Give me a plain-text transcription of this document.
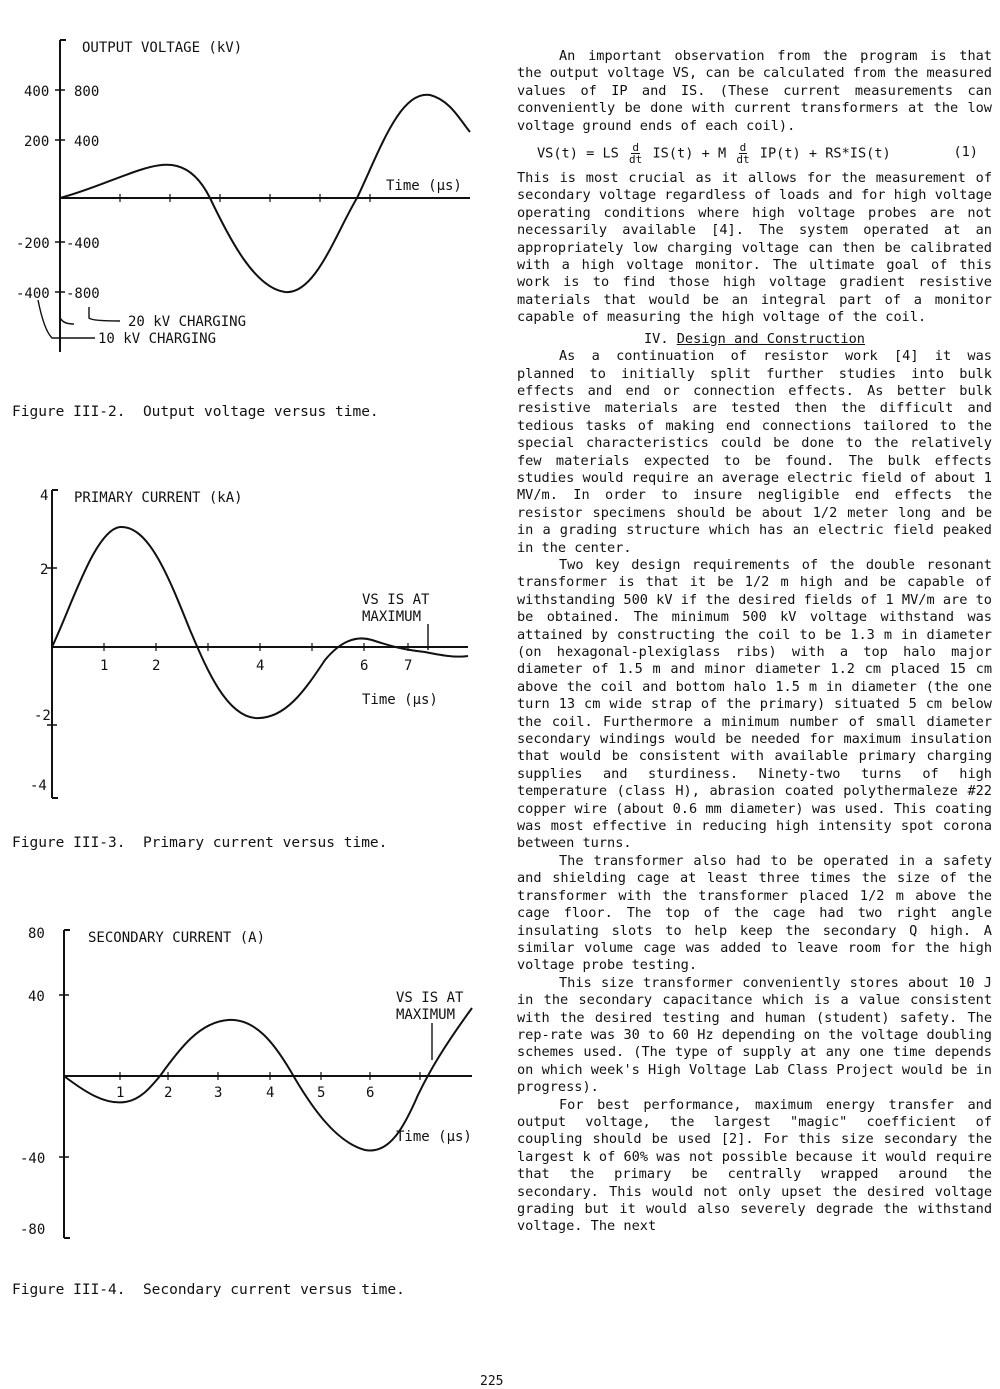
OUTPUT VOLTAGE (kV)
400
200
-200
-400
800
400
-400
-800
Time (µs)
20 kV CHARGING
10 kV CHARGING
Figure III-2.  Output voltage versus time.
PRIMARY CURRENT (kA)
4
2
-2
-4
1	2	4	6	7
Time (µs)
VS IS AT
MAXIMUM
Figure III-3.  Primary current versus time.
SECONDARY CURRENT (A)
80
40
-40
-80
1	2	3	4	5	6
Time (µs)
VS IS AT
MAXIMUM
Figure III-4.  Secondary current versus time.

An important observation from the program is that the output voltage VS, can be calculated from the measured values of IP and IS. (These current measurements can conveniently be done with current transformers at the low voltage ground ends of each coil).

VS(t) = LS $\frac{d}{dt} IS(t) + M \frac{d}{dt} IP(t) + RS*IS(t)$	(1)

This is most crucial as it allows for the measurement of secondary voltage regardless of loads and for high voltage operating conditions where high voltage probes are not necessarily available [4]. The system operated at an appropriately low charging voltage can then be calibrated with a high voltage monitor. The ultimate goal of this work is to find those high voltage gradient resistive materials that would be an integral part of a monitor capable of measuring the high voltage of the coil.

IV. Design and Construction

As a continuation of resistor work [4] it was planned to initially split further studies into bulk effects and end or connection effects. As better bulk resistive materials are tested then the difficult and tedious tasks of making end connections tailored to the special characteristics could be done to the relatively few materials expected to be found. The bulk effects studies would require an average electric field of about 1 MV/m. In order to insure negligible end effects the resistor specimens should be about 1/2 meter long and be in a grading structure which has an electric field peaked in the center.

Two key design requirements of the double resonant transformer is that it be 1/2 m high and be capable of withstanding 500 kV if the desired fields of 1 MV/m are to be obtained. The minimum 500 kV voltage withstand was attained by constructing the coil to be 1.3 m in diameter (on hexagonal-plexiglass ribs) with a top halo major diameter of 1.5 m and minor diameter 1.2 cm placed 15 cm above the coil and bottom halo 1.5 m in diameter (the one turn 13 cm wide strap of the primary) situated 5 cm below the coil. Furthermore a minimum number of small diameter secondary windings would be needed for maximum insulation that would be consistent with available primary charging supplies and sturdiness. Ninety-two turns of high temperature (class H), abrasion coated polythermaleze #22 copper wire (about 0.6 mm diameter) was used. This coating was most effective in reducing high intensity spot corona between turns.

The transformer also had to be operated in a safety and shielding cage at least three times the size of the transformer with the transformer placed 1/2 m above the cage floor. The top of the cage had two right angle insulating slots to help keep the secondary Q high. A similar volume cage was added to leave room for the high voltage probe testing.

This size transformer conveniently stores about 10 J in the secondary capacitance which is a value consistent with the desired testing and human (student) safety. The rep-rate was 30 to 60 Hz depending on the voltage doubling schemes used. (The type of supply at any one time depends on which week's High Voltage Lab Class Project would be in progress).

For best performance, maximum energy transfer and output voltage, the largest "magic" coefficient of coupling should be used [2]. For this size secondary the largest k of 60% was not possible because it would require that the primary be centrally wrapped around the secondary. This would not only upset the desired voltage grading but it would also severely degrade the withstand voltage. The next

225
